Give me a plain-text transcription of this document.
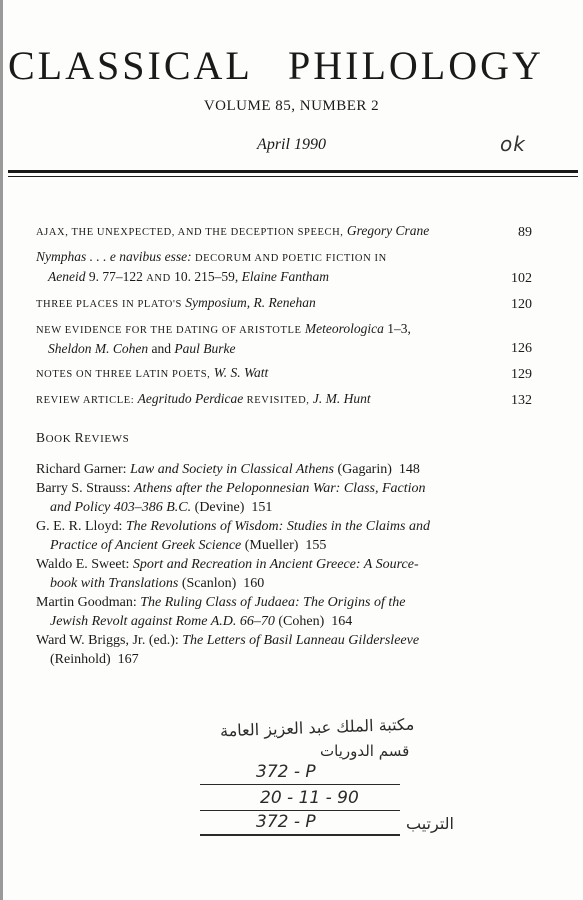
CLASSICAL PHILOLOGY
VOLUME 85, NUMBER 2
April 1990	ok
AJAX, THE UNEXPECTED, AND THE DECEPTION SPEECH, Gregory Crane	89
Nymphas . . . e navibus esse: DECORUM AND POETIC FICTION IN
Aeneid 9. 77–122 AND 10. 215–59, Elaine Fantham	102
THREE PLACES IN PLATO'S Symposium, R. Renehan	120
NEW EVIDENCE FOR THE DATING OF ARISTOTLE Meteorologica 1–3,
Sheldon M. Cohen and Paul Burke	126
NOTES ON THREE LATIN POETS, W. S. Watt	129
REVIEW ARTICLE: Aegritudo Perdicae REVISITED, J. M. Hunt	132
BOOK REVIEWS
Richard Garner: Law and Society in Classical Athens (Gagarin) 148
Barry S. Strauss: Athens after the Peloponnesian War: Class, Faction
and Policy 403–386 B.C. (Devine) 151
G. E. R. Lloyd: The Revolutions of Wisdom: Studies in the Claims and
Practice of Ancient Greek Science (Mueller) 155
Waldo E. Sweet: Sport and Recreation in Ancient Greece: A Source-
book with Translations (Scanlon) 160
Martin Goodman: The Ruling Class of Judaea: The Origins of the
Jewish Revolt against Rome A.D. 66–70 (Cohen) 164
Ward W. Briggs, Jr. (ed.): The Letters of Basil Lanneau Gildersleeve
(Reinhold) 167
مكتبة الملك عبد العزيز العامة
قسم الدوريات
372 - P
20 - 11 - 90
372 - P	الترتيب
